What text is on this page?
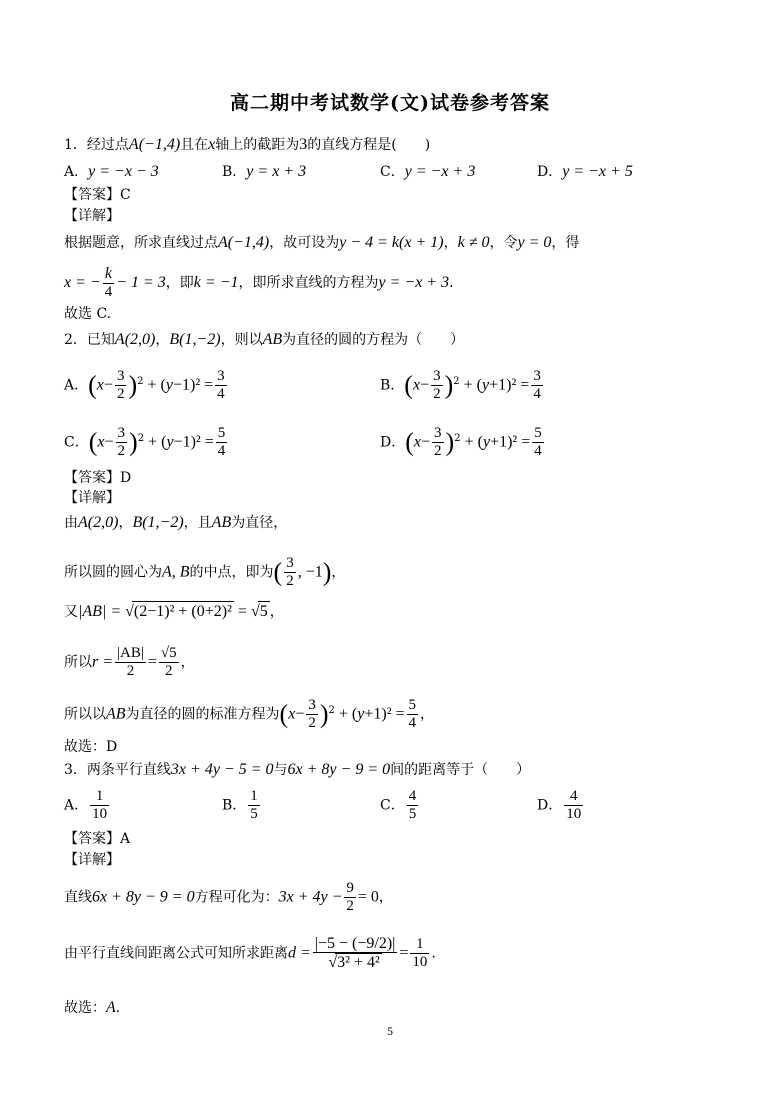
高二期中考试数学(文)试卷参考答案
1．经过点A(−1,4)且在x轴上的截距为3的直线方程是(　　)
A．y = −x − 3	B．y = x + 3	C．y = −x + 3	D．y = −x + 5
【答案】C
【详解】
根据题意，所求直线过点A(−1,4)，故可设为y − 4 = k(x + 1)，k ≠ 0，令y = 0，得
x = − $\frac{k}{4} - 1 = 3$，即k = −1，即所求直线的方程为y = −x + 3.
故选 C.
2．已知A(2,0)，B(1,−2)，则以AB为直径的圆的方程为（　　）
A．$(x- \frac{3}{2} )^2 + (y-1)^2 = \frac{3}{4}$	B．$(x- \frac{3}{2} )^2 + (y+1)^2 = \frac{3}{4}$
C．$(x- \frac{3}{2} )^2 + (y-1)^2 = \frac{5}{4}$	D．$(x- \frac{3}{2} )^2 + (y+1)^2 = \frac{5}{4}$
【答案】D
【详解】
由A(2,0)，B(1,−2)，且AB为直径，
所以圆的圆心为A, B的中点，即为( $\frac{3}{2}$ , −1)，
又|AB| = √(2−1)² + (0+2)² = √5 ，
所以$r = \frac{|AB|}{2} = \frac{√5}{2}$ ，
所以以AB为直径的圆的标准方程为$(x- \frac{3}{2} )^2 + (y+1)^2 = \frac{5}{4}$ ，
故选：D
3．两条平行直线3x + 4y − 5 = 0与6x + 8y − 9 = 0间的距离等于（　　）
A． $\frac{1}{10}$	B． $\frac{1}{5}$	C． $\frac{4}{5}$	D． $\frac{4}{10}$
【答案】A
【详解】
直线6x + 8y − 9 = 0方程可化为：$3x + 4y - \frac{9}{2} = 0$，
由平行直线间距离公式可知所求距离$d = \frac{|-5 - (-9/2)|}{\text{√3² + 4²}} = \frac{1}{10}$ .
故选：A.
5
